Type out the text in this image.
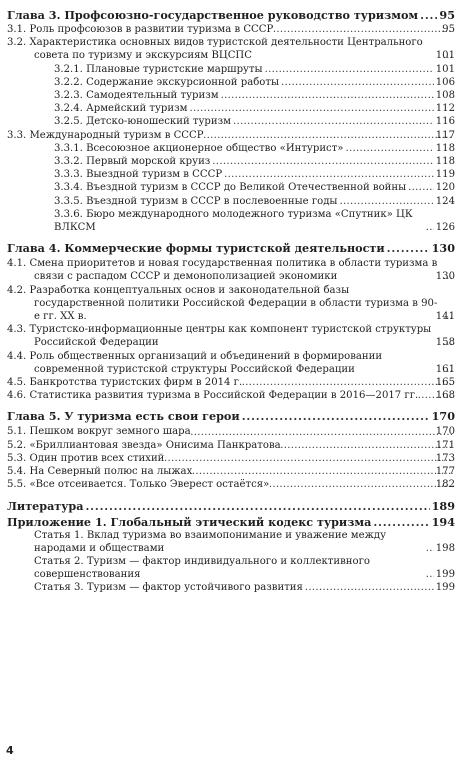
Глава 3. Профсоюзно-государственное руководство туризмом ..... 95
3.1. Роль профсоюзов в развитии туризма в СССР .....	95
3.2. Характеристика основных видов туристской деятельности Центрального совета по туризму и экскурсиям ВЦСПС .....	101
3.2.1. Плановые туристские маршруты .....	101
3.2.2. Содержание экскурсионной работы .....	106
3.2.3. Самодеятельный туризм .....	108
3.2.4. Армейский туризм .....	112
3.2.5. Детско-юношеский туризм .....	116
3.3. Международный туризм в СССР .....	117
3.3.1. Всесоюзное акционерное общество «Интурист» .....	118
3.3.2. Первый морской круиз .....	118
3.3.3. Выездной туризм в СССР .....	119
3.3.4. Въездной туризм в СССР до Великой Отечественной войны .....	120
3.3.5. Въездной туризм в СССР в послевоенные годы .....	124
3.3.6. Бюро международного молодежного туризма «Спутник» ЦК ВЛКСМ .....	126
Глава 4. Коммерческие формы туристской деятельности .....	130
4.1. Смена приоритетов и новая государственная политика в области туризма в связи с распадом СССР и демонополизацией экономики .....	130
4.2. Разработка концептуальных основ и законодательной базы государственной политики Российской Федерации в области туризма в 90-е гг. XX в. .....	141
4.3. Туристско-информационные центры как компонент туристской структуры Российской Федерации .....	158
4.4. Роль общественных организаций и объединений в формировании современной туристской структуры Российской Федерации .....	161
4.5. Банкротства туристских фирм в 2014 г. .....	165
4.6. Статистика развития туризма в Российской Федерации в 2016—2017 гг. ..... 168
Глава 5. У туризма есть свои герои .....	170
5.1. Пешком вокруг земного шара .....	170
5.2. «Бриллиантовая звезда» Онисима Панкратова .....	171
5.3. Один против всех стихий .....	173
5.4. На Северный полюс на лыжах .....	177
5.5. «Все отсеивается. Только Эверест остаётся» .....	182
Литература .....	189
Приложение 1. Глобальный этический кодекс туризма .....	194
Статья 1. Вклад туризма во взаимопонимание и уважение между народами и обществами .....	198
Статья 2. Туризм — фактор индивидуального и коллективного совершенствования .....	199
Статья 3. Туризм — фактор устойчивого развития .....	199
4
